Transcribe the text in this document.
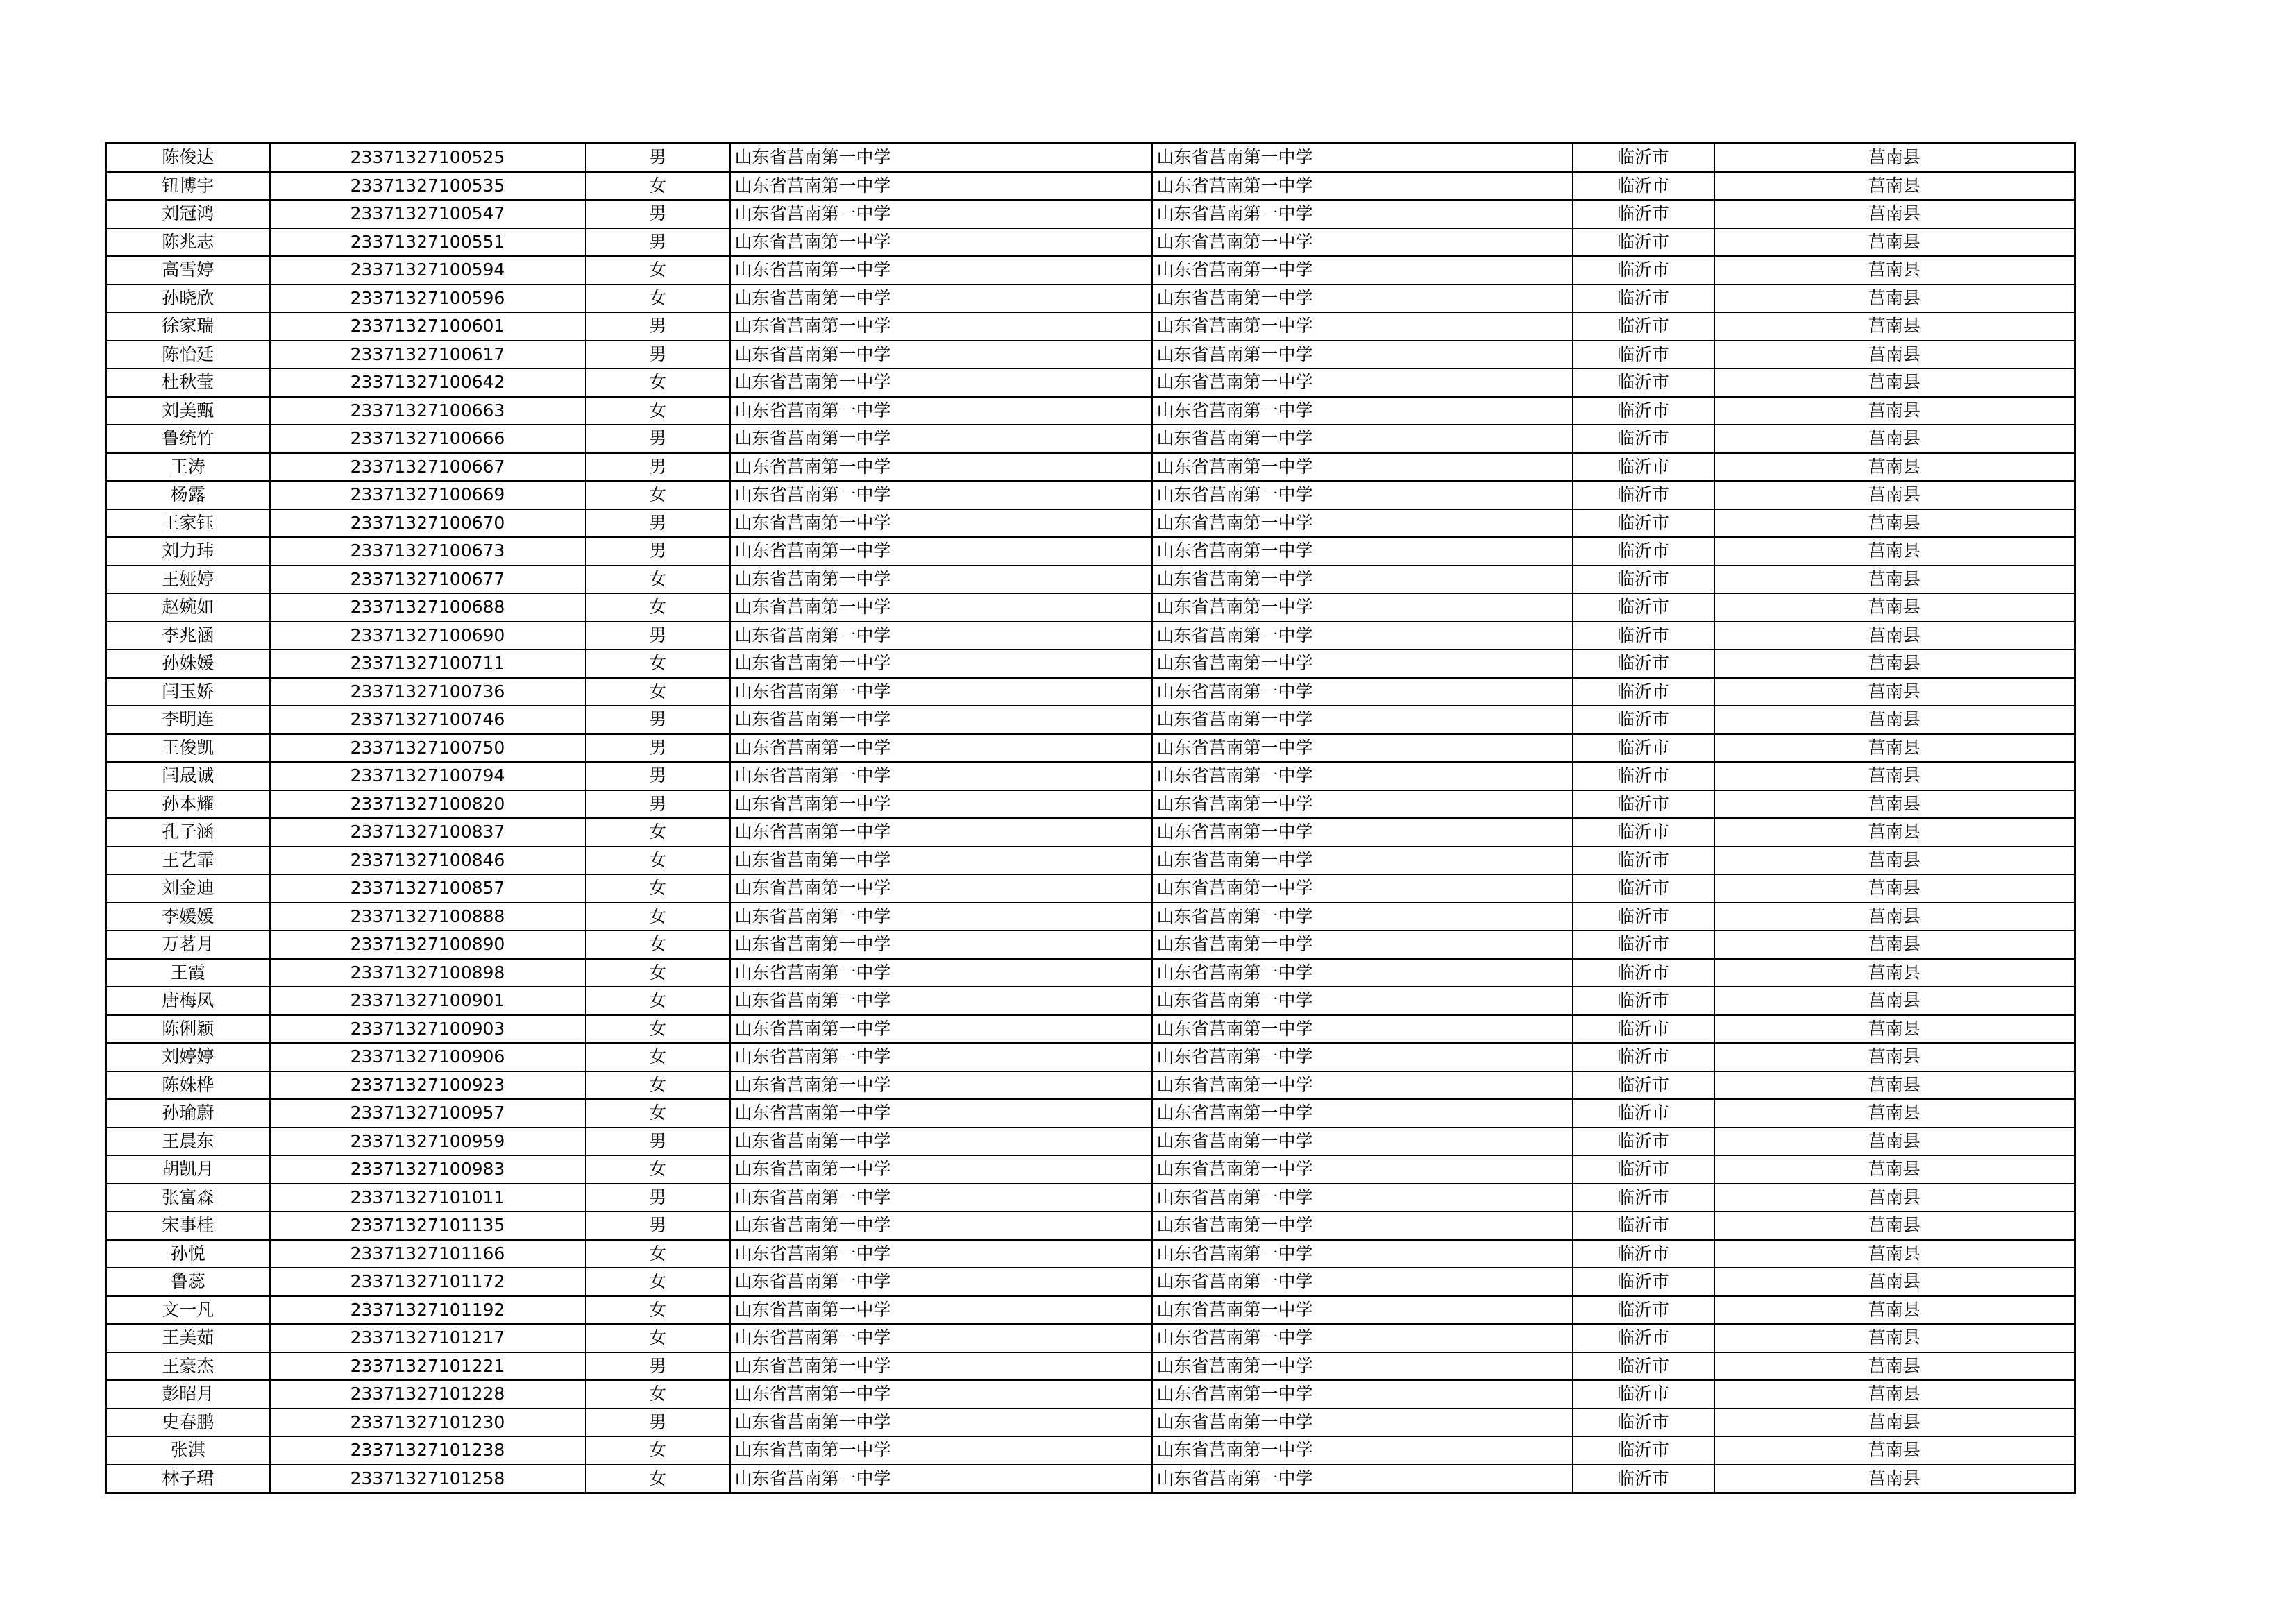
陈俊达	23371327100525	男	山东省莒南第一中学	山东省莒南第一中学	临沂市	莒南县
钮博宇	23371327100535	女	山东省莒南第一中学	山东省莒南第一中学	临沂市	莒南县
刘冠鸿	23371327100547	男	山东省莒南第一中学	山东省莒南第一中学	临沂市	莒南县
陈兆志	23371327100551	男	山东省莒南第一中学	山东省莒南第一中学	临沂市	莒南县
高雪婷	23371327100594	女	山东省莒南第一中学	山东省莒南第一中学	临沂市	莒南县
孙晓欣	23371327100596	女	山东省莒南第一中学	山东省莒南第一中学	临沂市	莒南县
徐家瑞	23371327100601	男	山东省莒南第一中学	山东省莒南第一中学	临沂市	莒南县
陈怡廷	23371327100617	男	山东省莒南第一中学	山东省莒南第一中学	临沂市	莒南县
杜秋莹	23371327100642	女	山东省莒南第一中学	山东省莒南第一中学	临沂市	莒南县
刘美甄	23371327100663	女	山东省莒南第一中学	山东省莒南第一中学	临沂市	莒南县
鲁统竹	23371327100666	男	山东省莒南第一中学	山东省莒南第一中学	临沂市	莒南县
王涛	23371327100667	男	山东省莒南第一中学	山东省莒南第一中学	临沂市	莒南县
杨露	23371327100669	女	山东省莒南第一中学	山东省莒南第一中学	临沂市	莒南县
王家钰	23371327100670	男	山东省莒南第一中学	山东省莒南第一中学	临沂市	莒南县
刘力玮	23371327100673	男	山东省莒南第一中学	山东省莒南第一中学	临沂市	莒南县
王娅婷	23371327100677	女	山东省莒南第一中学	山东省莒南第一中学	临沂市	莒南县
赵婉如	23371327100688	女	山东省莒南第一中学	山东省莒南第一中学	临沂市	莒南县
李兆涵	23371327100690	男	山东省莒南第一中学	山东省莒南第一中学	临沂市	莒南县
孙姝媛	23371327100711	女	山东省莒南第一中学	山东省莒南第一中学	临沂市	莒南县
闫玉娇	23371327100736	女	山东省莒南第一中学	山东省莒南第一中学	临沂市	莒南县
李明连	23371327100746	男	山东省莒南第一中学	山东省莒南第一中学	临沂市	莒南县
王俊凯	23371327100750	男	山东省莒南第一中学	山东省莒南第一中学	临沂市	莒南县
闫晟诚	23371327100794	男	山东省莒南第一中学	山东省莒南第一中学	临沂市	莒南县
孙本耀	23371327100820	男	山东省莒南第一中学	山东省莒南第一中学	临沂市	莒南县
孔子涵	23371327100837	女	山东省莒南第一中学	山东省莒南第一中学	临沂市	莒南县
王艺霏	23371327100846	女	山东省莒南第一中学	山东省莒南第一中学	临沂市	莒南县
刘金迪	23371327100857	女	山东省莒南第一中学	山东省莒南第一中学	临沂市	莒南县
李媛媛	23371327100888	女	山东省莒南第一中学	山东省莒南第一中学	临沂市	莒南县
万茗月	23371327100890	女	山东省莒南第一中学	山东省莒南第一中学	临沂市	莒南县
王霞	23371327100898	女	山东省莒南第一中学	山东省莒南第一中学	临沂市	莒南县
唐梅凤	23371327100901	女	山东省莒南第一中学	山东省莒南第一中学	临沂市	莒南县
陈俐颖	23371327100903	女	山东省莒南第一中学	山东省莒南第一中学	临沂市	莒南县
刘婷婷	23371327100906	女	山东省莒南第一中学	山东省莒南第一中学	临沂市	莒南县
陈姝桦	23371327100923	女	山东省莒南第一中学	山东省莒南第一中学	临沂市	莒南县
孙瑜蔚	23371327100957	女	山东省莒南第一中学	山东省莒南第一中学	临沂市	莒南县
王晨东	23371327100959	男	山东省莒南第一中学	山东省莒南第一中学	临沂市	莒南县
胡凯月	23371327100983	女	山东省莒南第一中学	山东省莒南第一中学	临沂市	莒南县
张富森	23371327101011	男	山东省莒南第一中学	山东省莒南第一中学	临沂市	莒南县
宋事桂	23371327101135	男	山东省莒南第一中学	山东省莒南第一中学	临沂市	莒南县
孙悦	23371327101166	女	山东省莒南第一中学	山东省莒南第一中学	临沂市	莒南县
鲁蕊	23371327101172	女	山东省莒南第一中学	山东省莒南第一中学	临沂市	莒南县
文一凡	23371327101192	女	山东省莒南第一中学	山东省莒南第一中学	临沂市	莒南县
王美茹	23371327101217	女	山东省莒南第一中学	山东省莒南第一中学	临沂市	莒南县
王豪杰	23371327101221	男	山东省莒南第一中学	山东省莒南第一中学	临沂市	莒南县
彭昭月	23371327101228	女	山东省莒南第一中学	山东省莒南第一中学	临沂市	莒南县
史春鹏	23371327101230	男	山东省莒南第一中学	山东省莒南第一中学	临沂市	莒南县
张淇	23371327101238	女	山东省莒南第一中学	山东省莒南第一中学	临沂市	莒南县
林子珺	23371327101258	女	山东省莒南第一中学	山东省莒南第一中学	临沂市	莒南县
